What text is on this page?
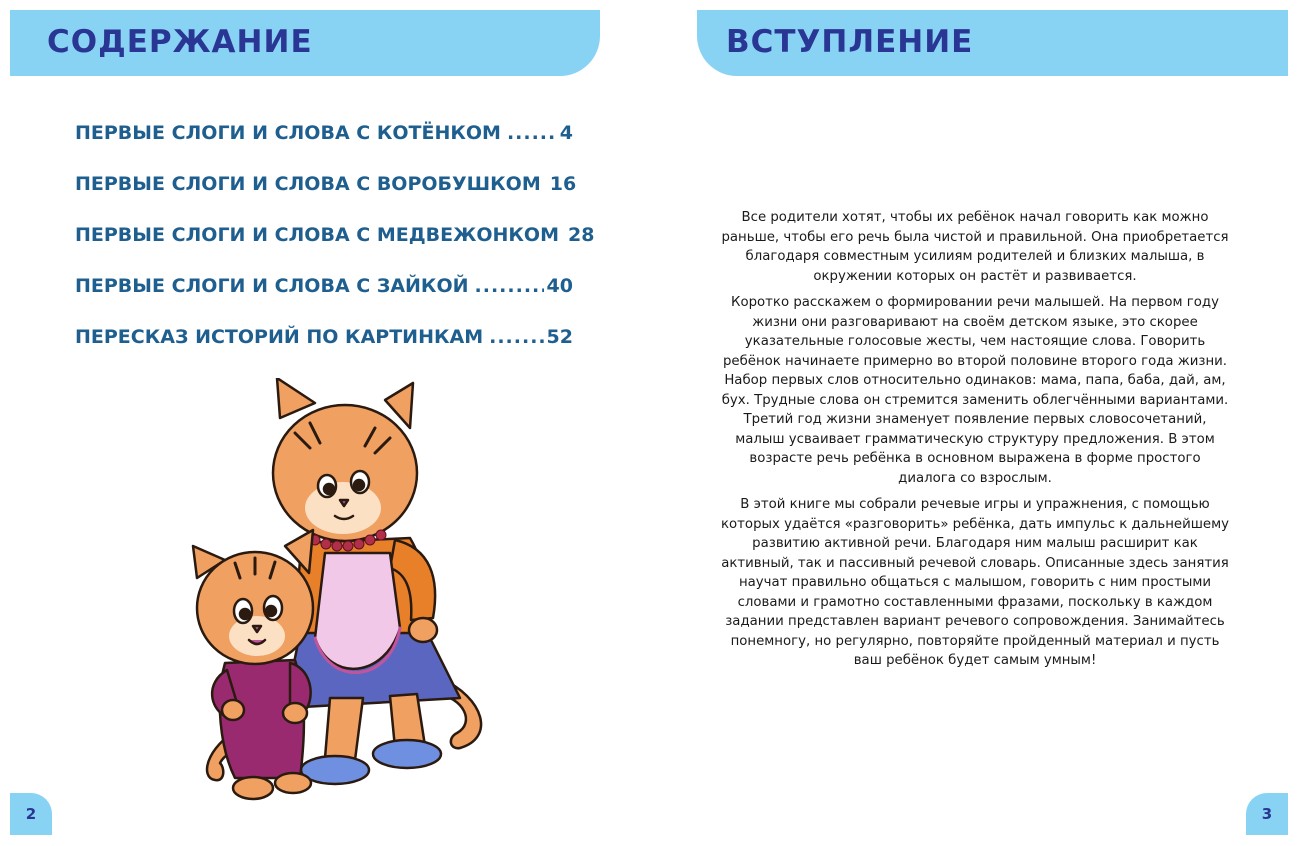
СОДЕРЖАНИЕ
ПЕРВЫЕ СЛОГИ И СЛОВА С КОТЁНКОМ .....	4
ПЕРВЫЕ СЛОГИ И СЛОВА С ВОРОБУШКОМ 16
ПЕРВЫЕ СЛОГИ И СЛОВА С МЕДВЕЖОНКОМ 28
ПЕРВЫЕ СЛОГИ И СЛОВА С ЗАЙКОЙ .....	40
ПЕРЕСКАЗ ИСТОРИЙ ПО КАРТИНКАМ .....	52
2
ВСТУПЛЕНИЕ

Все родители хотят, чтобы их ребёнок начал говорить как можно раньше, чтобы его речь была чистой и правильной. Она приобретается благодаря совместным усилиям родителей и близких малыша, в окружении которых он растёт и развивается.

Коротко расскажем о формировании речи малышей. На первом году жизни они разговаривают на своём детском языке, это скорее указательные голосовые жесты, чем настоящие слова. Говорить ребёнок начинаете примерно во второй половине второго года жизни. Набор первых слов относительно одинаков: мама, папа, баба, дай, ам, бух. Трудные слова он стремится заменить облегчёнными вариантами. Третий год жизни знаменует появление первых словосочетаний, малыш усваивает грамматическую структуру предложения. В этом возрасте речь ребёнка в основном выражена в форме простого диалога со взрослым.

В этой книге мы собрали речевые игры и упражнения, с помощью которых удаётся «разговорить» ребёнка, дать импульс к дальнейшему развитию активной речи. Благодаря ним малыш расширит как активный, так и пассивный речевой словарь. Описанные здесь занятия научат правильно общаться с малышом, говорить с ним простыми словами и грамотно составленными фразами, поскольку в каждом задании представлен вариант речевого сопровождения. Занимайтесь понемногу, но регулярно, повторяйте пройденный материал и пусть ваш ребёнок будет самым умным!

3
